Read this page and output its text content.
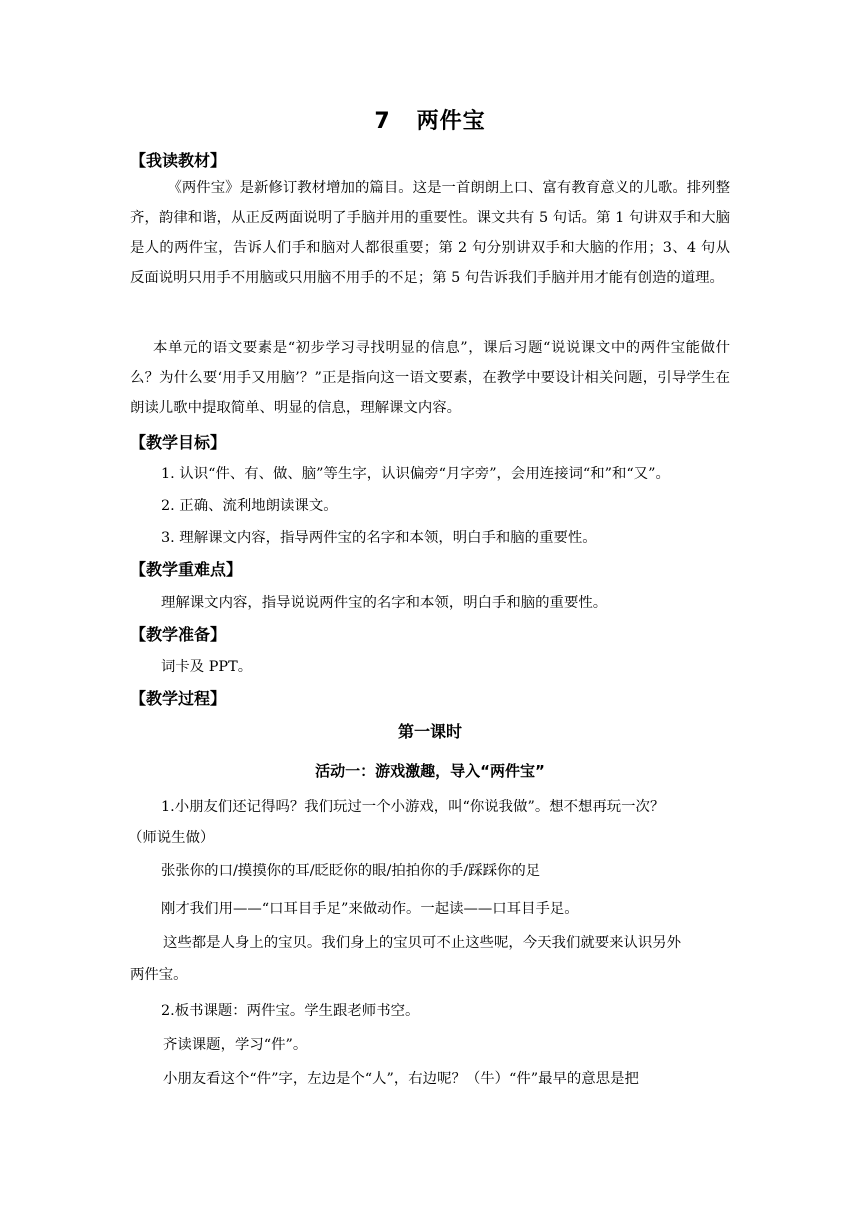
7   两件宝
【我读教材】

《两件宝》是新修订教材增加的篇目。这是一首朗朗上口、富有教育意义的儿歌。排列整齐，韵律和谐，从正反两面说明了手脑并用的重要性。课文共有 5 句话。第 1 句讲双手和大脑是人的两件宝，告诉人们手和脑对人都很重要；第 2 句分别讲双手和大脑的作用；3、4 句从反面说明只用手不用脑或只用脑不用手的不足；第 5 句告诉我们手脑并用才能有创造的道理。

本单元的语文要素是“初步学习寻找明显的信息”，课后习题“说说课文中的两件宝能做什么？为什么要‘用手又用脑’？”正是指向这一语文要素，在教学中要设计相关问题，引导学生在朗读儿歌中提取简单、明显的信息，理解课文内容。

【教学目标】
1. 认识“件、有、做、脑”等生字，认识偏旁“月字旁”，会用连接词“和”和“又”。
2. 正确、流利地朗读课文。
3. 理解课文内容，指导两件宝的名字和本领，明白手和脑的重要性。
【教学重难点】
理解课文内容，指导说说两件宝的名字和本领，明白手和脑的重要性。
【教学准备】
词卡及 PPT。
【教学过程】
第一课时
活动一：游戏激趣，导入“两件宝”
1.小朋友们还记得吗？我们玩过一个小游戏，叫“你说我做”。想不想再玩一次？
（师说生做）
张张你的口/摸摸你的耳/眨眨你的眼/拍拍你的手/踩踩你的足
刚才我们用——“口耳目手足”来做动作。一起读——口耳目手足。
这些都是人身上的宝贝。我们身上的宝贝可不止这些呢，今天我们就要来认识另外
两件宝。
2.板书课题：两件宝。学生跟老师书空。
齐读课题，学习“件”。
小朋友看这个“件”字，左边是个“人”，右边呢？（牛）“件”最早的意思是把
